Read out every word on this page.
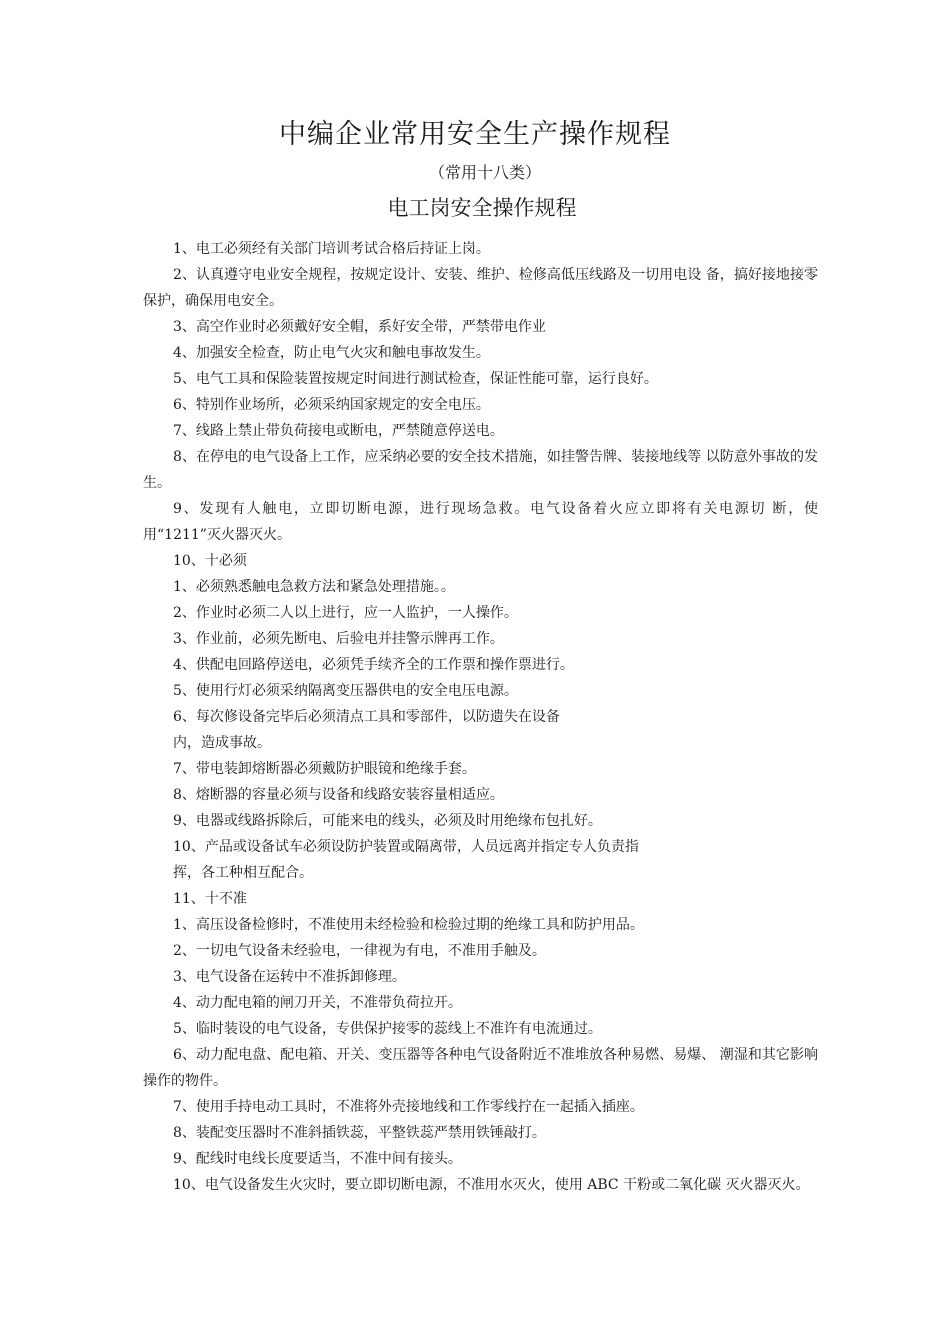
中编企业常用安全生产操作规程
（常用十八类）
电工岗安全操作规程

1、电工必须经有关部门培训考试合格后持证上岗。

2、认真遵守电业安全规程，按规定设计、安装、维护、检修高低压线路及一切用电设 备，搞好接地接零保护，确保用电安全。

3、高空作业时必须戴好安全帽，系好安全带，严禁带电作业

4、加强安全检查，防止电气火灾和触电事故发生。

5、电气工具和保险装置按规定时间进行测试检查，保证性能可靠，运行良好。

6、特别作业场所，必须采纳国家规定的安全电压。

7、线路上禁止带负荷接电或断电，严禁随意停送电。

8、在停电的电气设备上工作，应采纳必要的安全技术措施，如挂警告牌、装接地线等 以防意外事故的发生。

9、发现有人触电，立即切断电源，进行现场急救。电气设备着火应立即将有关电源切 断，使用“1211”灭火器灭火。

10、十必须

1、必须熟悉触电急救方法和紧急处理措施。。

2、作业时必须二人以上进行，应一人监护，一人操作。

3、作业前，必须先断电、后验电并挂警示牌再工作。

4、供配电回路停送电，必须凭手续齐全的工作票和操作票进行。

5、使用行灯必须采纳隔离变压器供电的安全电压电源。

6、每次修设备完毕后必须清点工具和零部件，以防遗失在设备

内，造成事故。

7、带电装卸熔断器必须戴防护眼镜和绝缘手套。

8、熔断器的容量必须与设备和线路安装容量相适应。

9、电器或线路拆除后，可能来电的线头，必须及时用绝缘布包扎好。

10、产品或设备试车必须设防护装置或隔离带，人员远离并指定专人负责指

挥，各工种相互配合。

11、十不准

1、高压设备检修时，不准使用未经检验和检验过期的绝缘工具和防护用品。

2、一切电气设备未经验电，一律视为有电，不准用手触及。

3、电气设备在运转中不准拆卸修理。

4、动力配电箱的闸刀开关，不准带负荷拉开。

5、临时装设的电气设备，专供保护接零的蕊线上不准许有电流通过。

6、动力配电盘、配电箱、开关、变压器等各种电气设备附近不准堆放各种易燃、易爆、 潮湿和其它影响操作的物件。

7、使用手持电动工具时，不准将外壳接地线和工作零线拧在一起插入插座。

8、装配变压器时不准斜插铁蕊，平整铁蕊严禁用铁锤敲打。

9、配线时电线长度要适当，不准中间有接头。

10、电气设备发生火灾时，要立即切断电源，不准用水灭火，使用 ABC 干粉或二氧化碳 灭火器灭火。
